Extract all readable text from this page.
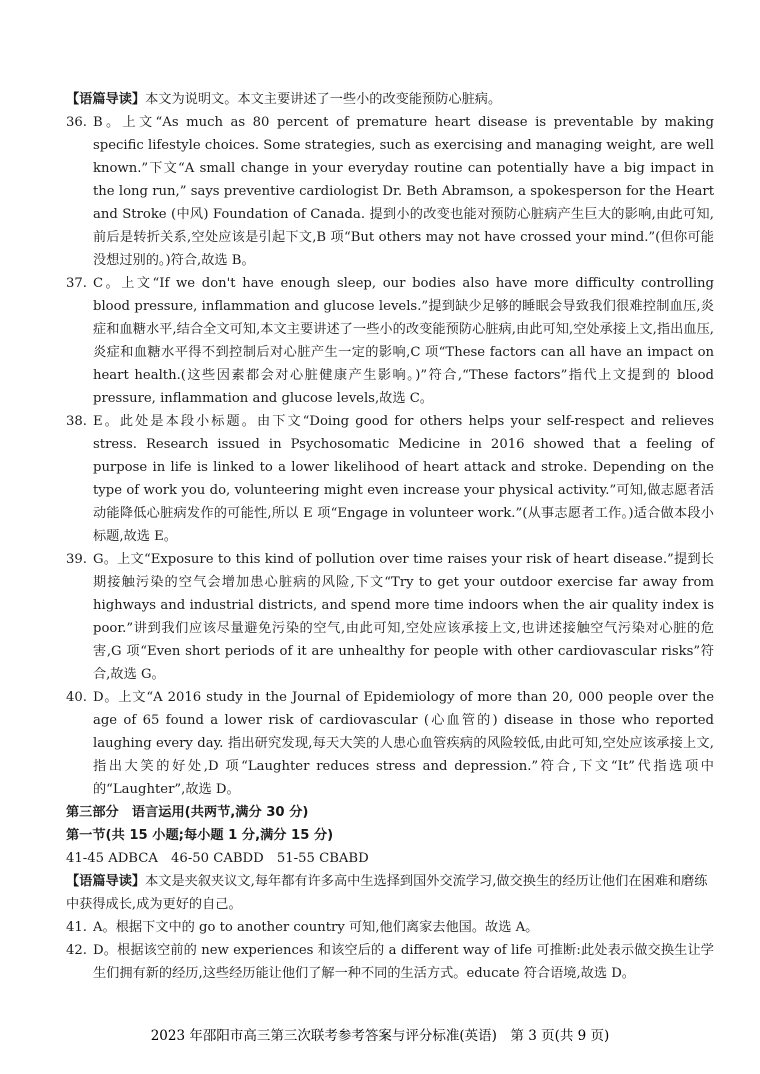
【语篇导读】本文为说明文。本文主要讲述了一些小的改变能预防心脏病。

36. B。上文“As much as 80 percent of premature heart disease is preventable by making specific lifestyle choices. Some strategies, such as exercising and managing weight, are well known.”下文“A small change in your everyday routine can potentially have a big impact in the long run,” says preventive cardiologist Dr. Beth Abramson, a spokesperson for the Heart and Stroke (中风) Foundation of Canada. 提到小的改变也能对预防心脏病产生巨大的影响,由此可知,前后是转折关系,空处应该是引起下文,B 项“But others may not have crossed your mind.”(但你可能没想过别的。)符合,故选 B。

37. C。上文“If we don't have enough sleep, our bodies also have more difficulty controlling blood pressure, inflammation and glucose levels.”提到缺少足够的睡眠会导致我们很难控制血压,炎症和血糖水平,结合全文可知,本文主要讲述了一些小的改变能预防心脏病,由此可知,空处承接上文,指出血压,炎症和血糖水平得不到控制后对心脏产生一定的影响,C 项“These factors can all have an impact on heart health.(这些因素都会对心脏健康产生影响。)”符合,“These factors”指代上文提到的 blood pressure, inflammation and glucose levels,故选 C。

38. E。此处是本段小标题。由下文“Doing good for others helps your self-respect and relieves stress. Research issued in Psychosomatic Medicine in 2016 showed that a feeling of purpose in life is linked to a lower likelihood of heart attack and stroke. Depending on the type of work you do, volunteering might even increase your physical activity.”可知,做志愿者活动能降低心脏病发作的可能性,所以 E 项“Engage in volunteer work.”(从事志愿者工作。)适合做本段小标题,故选 E。

39. G。上文“Exposure to this kind of pollution over time raises your risk of heart disease.”提到长期接触污染的空气会增加患心脏病的风险,下文“Try to get your outdoor exercise far away from highways and industrial districts, and spend more time indoors when the air quality index is poor.”讲到我们应该尽量避免污染的空气,由此可知,空处应该承接上文,也讲述接触空气污染对心脏的危害,G 项“Even short periods of it are unhealthy for people with other cardiovascular risks”符合,故选 G。

40. D。上文“A 2016 study in the Journal of Epidemiology of more than 20, 000 people over the age of 65 found a lower risk of cardiovascular (心血管的) disease in those who reported laughing every day. 指出研究发现,每天大笑的人患心血管疾病的风险较低,由此可知,空处应该承接上文,指出大笑的好处,D 项“Laughter reduces stress and depression.”符合,下文“It”代指选项中的“Laughter”,故选 D。

第三部分　语言运用(共两节,满分 30 分)

第一节(共 15 小题;每小题 1 分,满分 15 分)

41-45 ADBCA　46-50 CABDD　51-55 CBABD

【语篇导读】本文是夹叙夹议文,每年都有许多高中生选择到国外交流学习,做交换生的经历让他们在困难和磨练中获得成长,成为更好的自己。

41. A。根据下文中的 go to another country 可知,他们离家去他国。故选 A。

42. D。根据该空前的 new experiences 和该空后的 a different way of life 可推断:此处表示做交换生让学生们拥有新的经历,这些经历能让他们了解一种不同的生活方式。educate 符合语境,故选 D。

2023 年邵阳市高三第三次联考参考答案与评分标准(英语)　第 3 页(共 9 页)
